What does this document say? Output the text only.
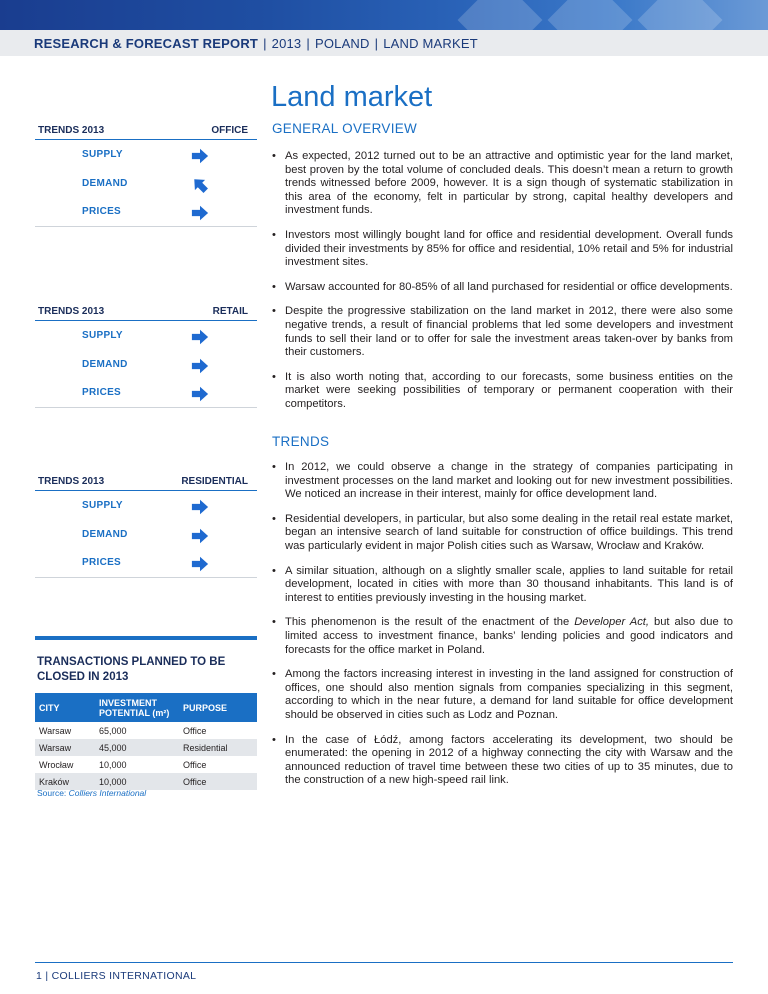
RESEARCH & FORECAST REPORT | 2013 | POLAND | LAND MARKET
Land market
TRENDS 2013	OFFICE
SUPPLY
DEMAND
PRICES
TRENDS 2013	RETAIL
SUPPLY
DEMAND
PRICES
TRENDS 2013	RESIDENTIAL
SUPPLY
DEMAND
PRICES
TRANSACTIONS PLANNED TO BE CLOSED IN 2013
CITY	INVESTMENT POTENTIAL (m²)	PURPOSE
Warsaw	65,000	Office
Warsaw	45,000	Residential
Wrocław	10,000	Office
Kraków	10,000	Office
Source: Colliers International
GENERAL OVERVIEW
• As expected, 2012 turned out to be an attractive and optimistic year for the land market, best proven by the total volume of concluded deals. This doesn’t mean a return to growth trends witnessed before 2009, however. It is a sign though of systematic stabilization in this area of the economy, felt in particular by strong, capital healthy developers and investment funds.
• Investors most willingly bought land for office and residential development. Overall funds divided their investments by 85% for office and residential, 10% retail and 5% for industrial investment sites.
• Warsaw accounted for 80-85% of all land purchased for residential or office developments.
• Despite the progressive stabilization on the land market in 2012, there were also some negative trends, a result of financial problems that led some developers and investment funds to sell their land or to offer for sale the investment areas taken-over by banks from their customers.
• It is also worth noting that, according to our forecasts, some business entities on the market were seeking possibilities of temporary or permanent cooperation with their competitors.
TRENDS
• In 2012, we could observe a change in the strategy of companies participating in investment processes on the land market and looking out for new investment possibilities. We noticed an increase in their interest, mainly for office development land.
• Residential developers, in particular, but also some dealing in the retail real estate market, began an intensive search of land suitable for construction of office buildings. This trend was particularly evident in major Polish cities such as Warsaw, Wrocław and Kraków.
• A similar situation, although on a slightly smaller scale, applies to land suitable for retail development, located in cities with more than 30 thousand inhabitants. This land is of interest to entities previously investing in the housing market.
• This phenomenon is the result of the enactment of the Developer Act, but also due to limited access to investment finance, banks’ lending policies and good indicators and forecasts for the office market in Poland.
• Among the factors increasing interest in investing in the land assigned for construction of offices, one should also mention signals from companies specializing in this segment, according to which in the near future, a demand for land suitable for office development should be observed in cities such as Lodz and Poznan.
• In the case of Łódź, among factors accelerating its development, two should be enumerated: the opening in 2012 of a highway connecting the city with Warsaw and the announced reduction of travel time between these two cities of up to 35 minutes, due to the construction of a new high-speed rail link.
1 | COLLIERS INTERNATIONAL
